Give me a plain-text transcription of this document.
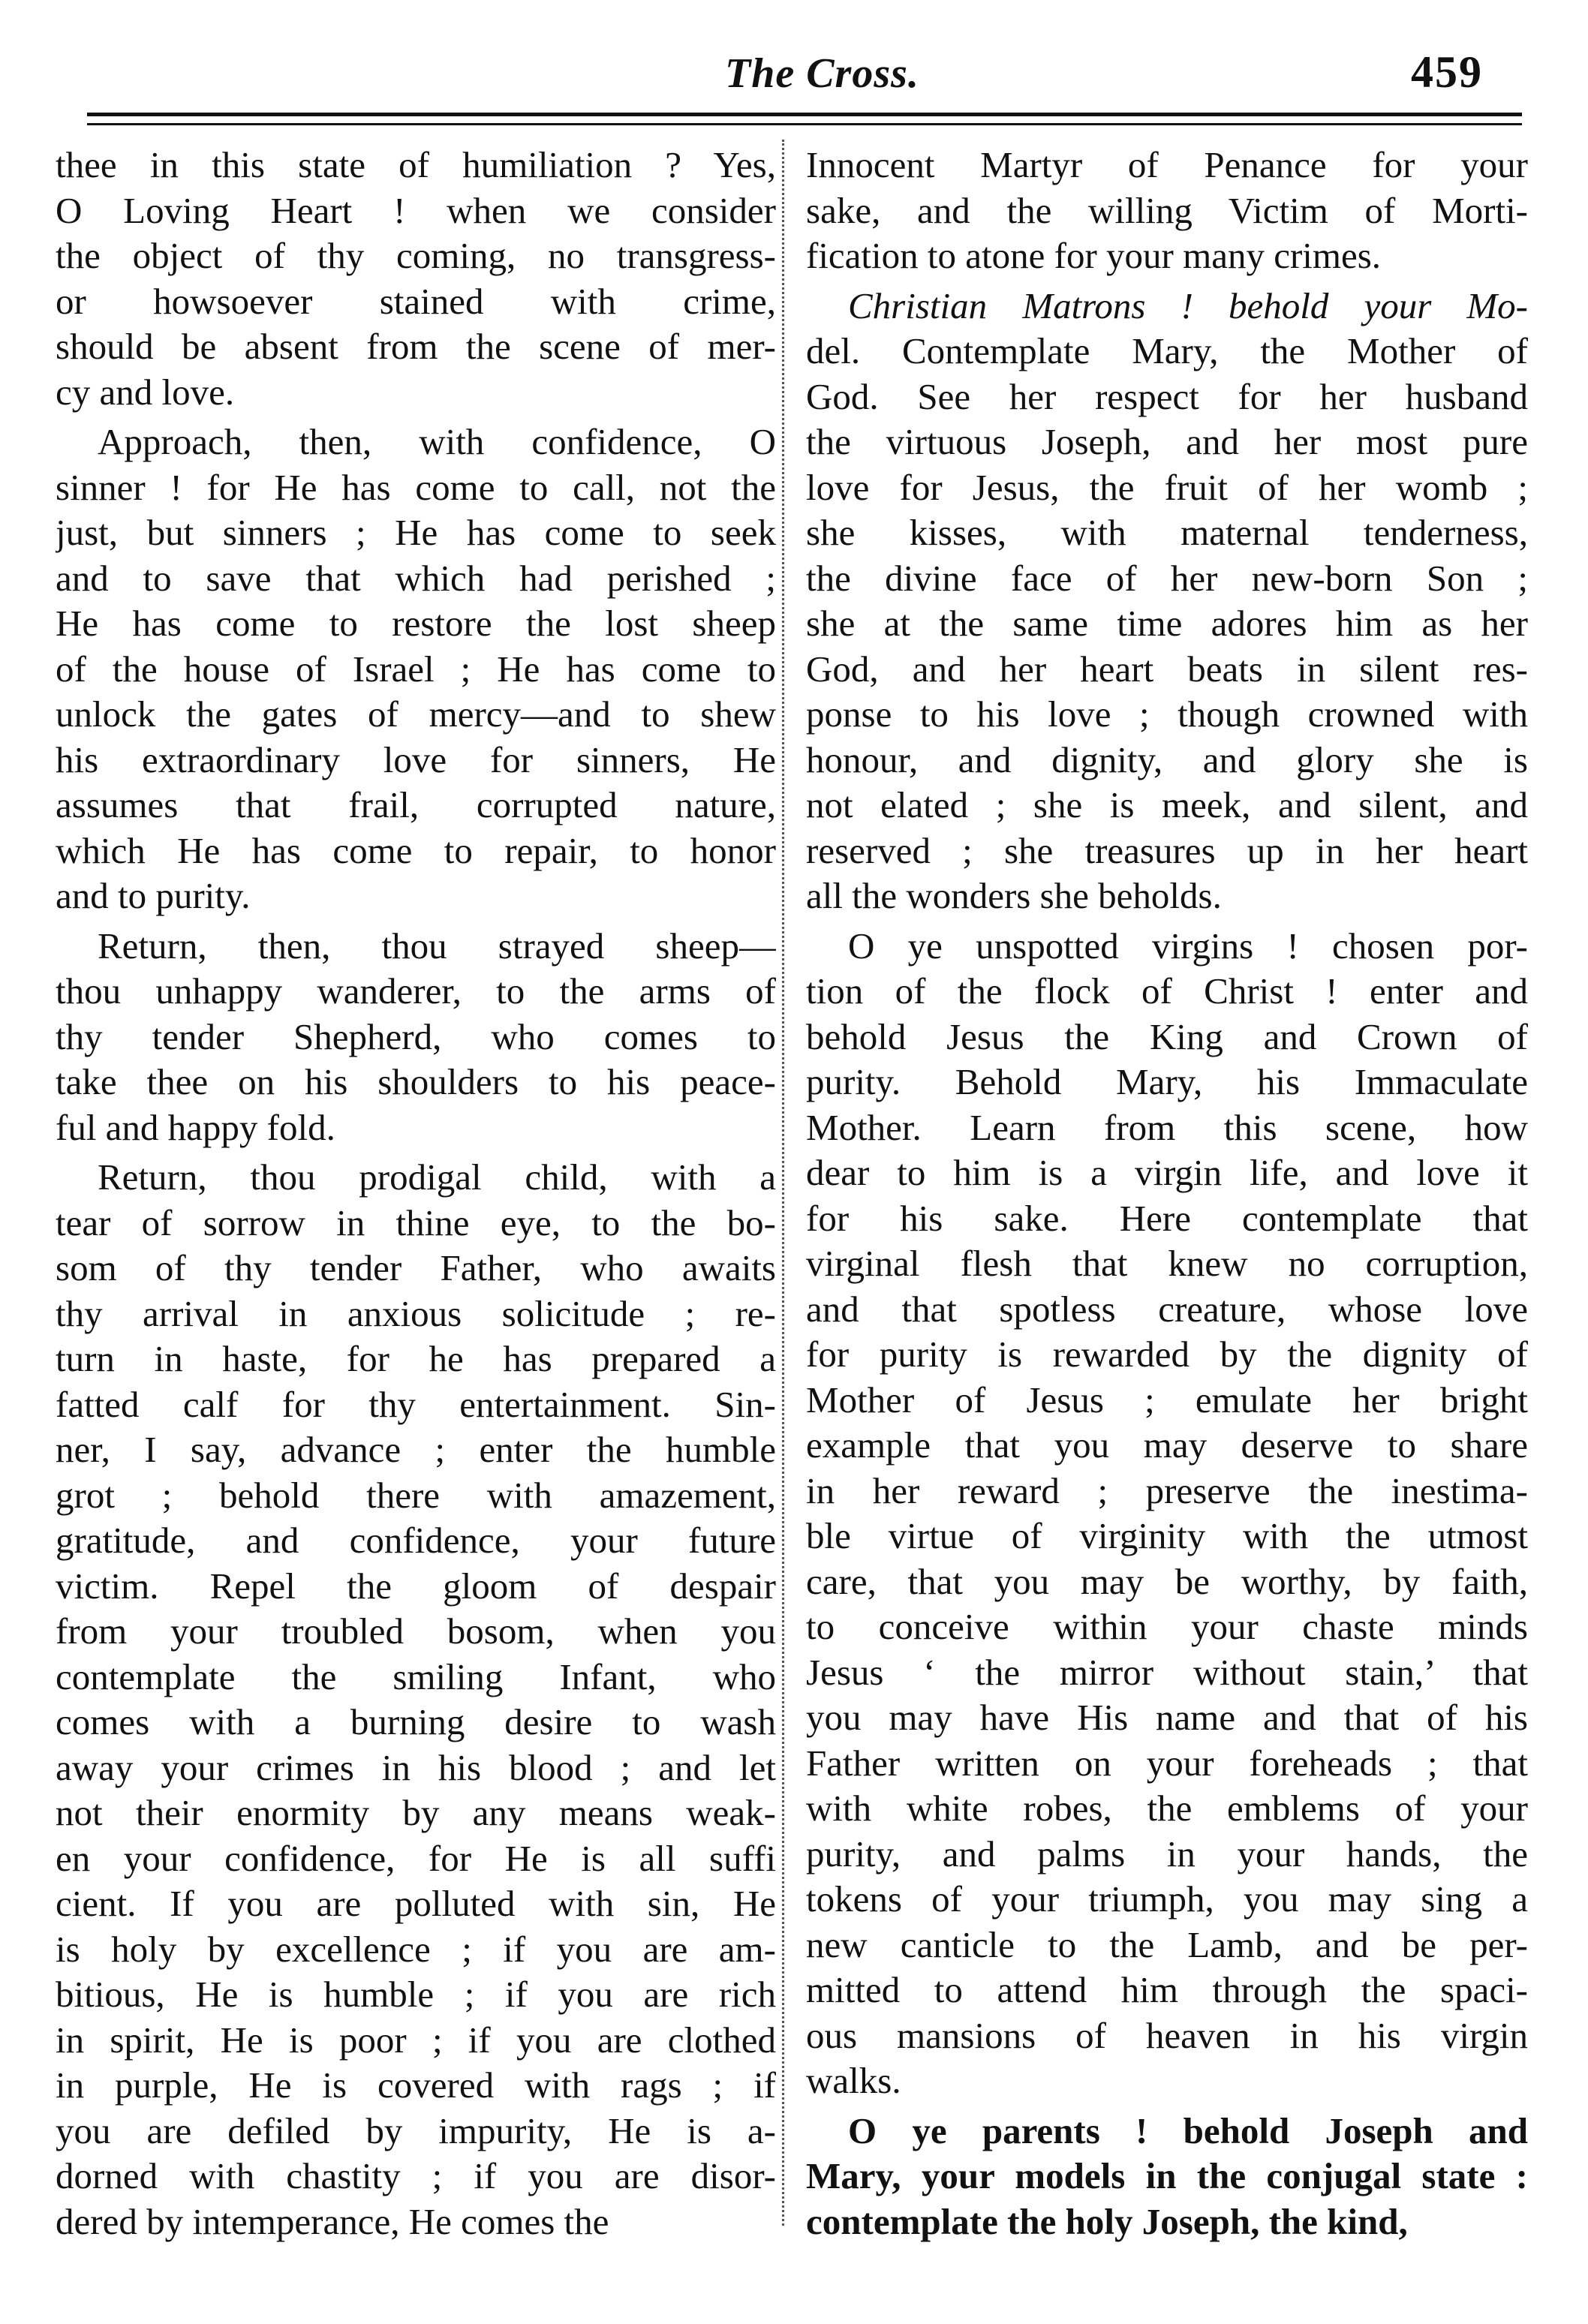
The Cross.	459
thee in this state of humiliation ? Yes,
O Loving Heart ! when we consider
the object of thy coming, no transgress-
or howsoever stained with crime,
should be absent from the scene of mer-
cy and love.
Approach, then, with confidence, O
sinner ! for He has come to call, not the
just, but sinners ; He has come to seek
and to save that which had perished ;
He has come to restore the lost sheep
of the house of Israel ; He has come to
unlock the gates of mercy—and to shew
his extraordinary love for sinners, He
assumes that frail, corrupted nature,
which He has come to repair, to honor
and to purity.
Return, then, thou strayed sheep—
thou unhappy wanderer, to the arms of
thy tender Shepherd, who comes to
take thee on his shoulders to his peace-
ful and happy fold.
Return, thou prodigal child, with a
tear of sorrow in thine eye, to the bo-
som of thy tender Father, who awaits
thy arrival in anxious solicitude ; re-
turn in haste, for he has prepared a
fatted calf for thy entertainment. Sin-
ner, I say, advance ; enter the humble
grot ; behold there with amazement,
gratitude, and confidence, your future
victim. Repel the gloom of despair
from your troubled bosom, when you
contemplate the smiling Infant, who
comes with a burning desire to wash
away your crimes in his blood ; and let
not their enormity by any means weak-
en your confidence, for He is all suffi
cient. If you are polluted with sin, He
is holy by excellence ; if you are am-
bitious, He is humble ; if you are rich
in spirit, He is poor ; if you are clothed
in purple, He is covered with rags ; if
you are defiled by impurity, He is a-
dorned with chastity ; if you are disor-
dered by intemperance, He comes the
Innocent Martyr of Penance for your
sake, and the willing Victim of Morti-
fication to atone for your many crimes.
Christian Matrons ! behold your Mo-
del. Contemplate Mary, the Mother of
God. See her respect for her husband
the virtuous Joseph, and her most pure
love for Jesus, the fruit of her womb ;
she kisses, with maternal tenderness,
the divine face of her new-born Son ;
she at the same time adores him as her
God, and her heart beats in silent res-
ponse to his love ; though crowned with
honour, and dignity, and glory she is
not elated ; she is meek, and silent, and
reserved ; she treasures up in her heart
all the wonders she beholds.
O ye unspotted virgins ! chosen por-
tion of the flock of Christ ! enter and
behold Jesus the King and Crown of
purity. Behold Mary, his Immaculate
Mother. Learn from this scene, how
dear to him is a virgin life, and love it
for his sake. Here contemplate that
virginal flesh that knew no corruption,
and that spotless creature, whose love
for purity is rewarded by the dignity of
Mother of Jesus ; emulate her bright
example that you may deserve to share
in her reward ; preserve the inestima-
ble virtue of virginity with the utmost
care, that you may be worthy, by faith,
to conceive within your chaste minds
Jesus ‘ the mirror without stain,’ that
you may have His name and that of his
Father written on your foreheads ; that
with white robes, the emblems of your
purity, and palms in your hands, the
tokens of your triumph, you may sing a
new canticle to the Lamb, and be per-
mitted to attend him through the spaci-
ous mansions of heaven in his virgin
walks.
O ye parents ! behold Joseph and
Mary, your models in the conjugal state :
contemplate the holy Joseph, the kind,
